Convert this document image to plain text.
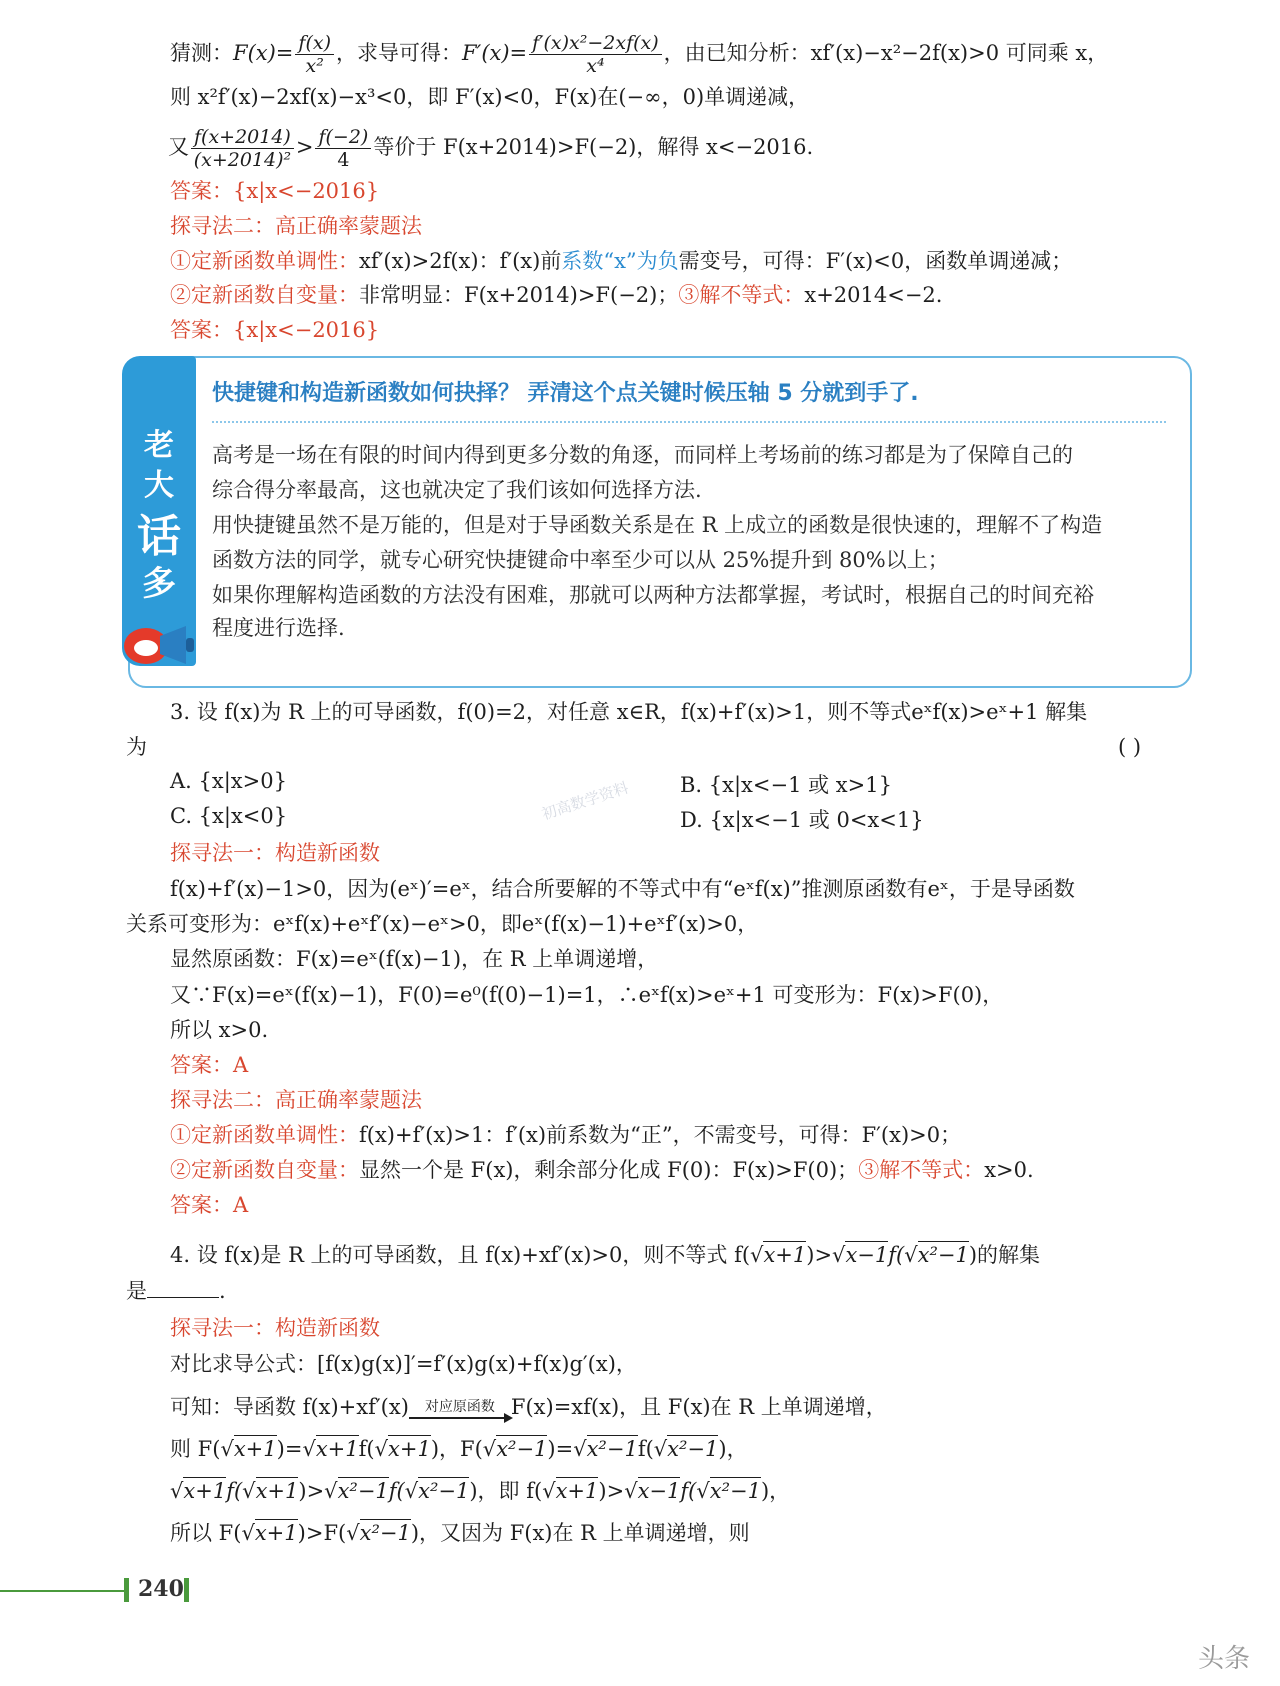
猜测：$F(x)= \frac{f(x)}{\text{x²}}$ ，求导可得：$F'(x)= \frac{\text{f′(x)x²−2xf(x)}}{\text{x⁴}}$ ，由已知分析：xf′(x)−x²−2f(x)>0 可同乘 x，
则 x²f′(x)−2xf(x)−x³<0，即 F′(x)<0，F(x)在(−∞，0)单调递减，
又 $\frac{f(x+2014)}{\text{(x+2014)²}} > \frac{f(-2)}{4}$ 等价于 F(x+2014)>F(−2)，解得 x<−2016.
答案：{x|x<−2016}
探寻法二：高正确率蒙题法
①定新函数单调性：xf′(x)>2f(x)：f′(x)前系数“x”为负需变号，可得：F′(x)<0，函数单调递减；
②定新函数自变量：非常明显：F(x+2014)>F(−2)；③解不等式：x+2014<−2.
答案：{x|x<−2016}
老
大
话
多
快捷键和构造新函数如何抉择？ 弄清这个点关键时候压轴 5 分就到手了.
高考是一场在有限的时间内得到更多分数的角逐，而同样上考场前的练习都是为了保障自己的
综合得分率最高，这也就决定了我们该如何选择方法.
用快捷键虽然不是万能的，但是对于导函数关系是在 R 上成立的函数是很快速的，理解不了构造
函数方法的同学，就专心研究快捷键命中率至少可以从 25%提升到 80%以上；
如果你理解构造函数的方法没有困难，那就可以两种方法都掌握，考试时，根据自己的时间充裕
程度进行选择.
3. 设 f(x)为 R 上的可导函数，f(0)=2，对任意 x∈R，f(x)+f′(x)>1，则不等式eˣf(x)>eˣ+1 解集
为	( )
A. {x|x>0}	B. {x|x<−1 或 x>1}
C. {x|x<0}	D. {x|x<−1 或 0<x<1}
初高数学资料
探寻法一：构造新函数
f(x)+f′(x)−1>0，因为(eˣ)′=eˣ，结合所要解的不等式中有“eˣf(x)”推测原函数有eˣ，于是导函数
关系可变形为：eˣf(x)+eˣf′(x)−eˣ>0，即eˣ(f(x)−1)+eˣf′(x)>0，
显然原函数：F(x)=eˣ(f(x)−1)，在 R 上单调递增，
又∵F(x)=eˣ(f(x)−1)，F(0)=e⁰(f(0)−1)=1，∴eˣf(x)>eˣ+1 可变形为：F(x)>F(0)，
所以 x>0.
答案：A
探寻法二：高正确率蒙题法
①定新函数单调性：f(x)+f′(x)>1：f′(x)前系数为“正”，不需变号，可得：F′(x)>0；
②定新函数自变量：显然一个是 F(x)，剩余部分化成 F(0)：F(x)>F(0)；③解不等式：x>0.
答案：A
4. 设 f(x)是 R 上的可导函数，且 f(x)+xf′(x)>0，则不等式 f(√x+1)>√x−1f(√x²−1)的解集
是	.
探寻法一：构造新函数
对比求导公式：[f(x)g(x)]′=f′(x)g(x)+f(x)g′(x)，
可知：导函数 f(x)+xf′(x)	对应原函数 F(x)=xf(x)，且 F(x)在 R 上单调递增，
则 F(√x+1)=√x+1f(√x+1)，F(√x²−1)=√x²−1f(√x²−1)，
√x+1f(√x+1)>√x²−1f(√x²−1)，即 f(√x+1)>√x−1f(√x²−1)，
所以 F(√x+1)>F(√x²−1)，又因为 F(x)在 R 上单调递增，则
240
头条
